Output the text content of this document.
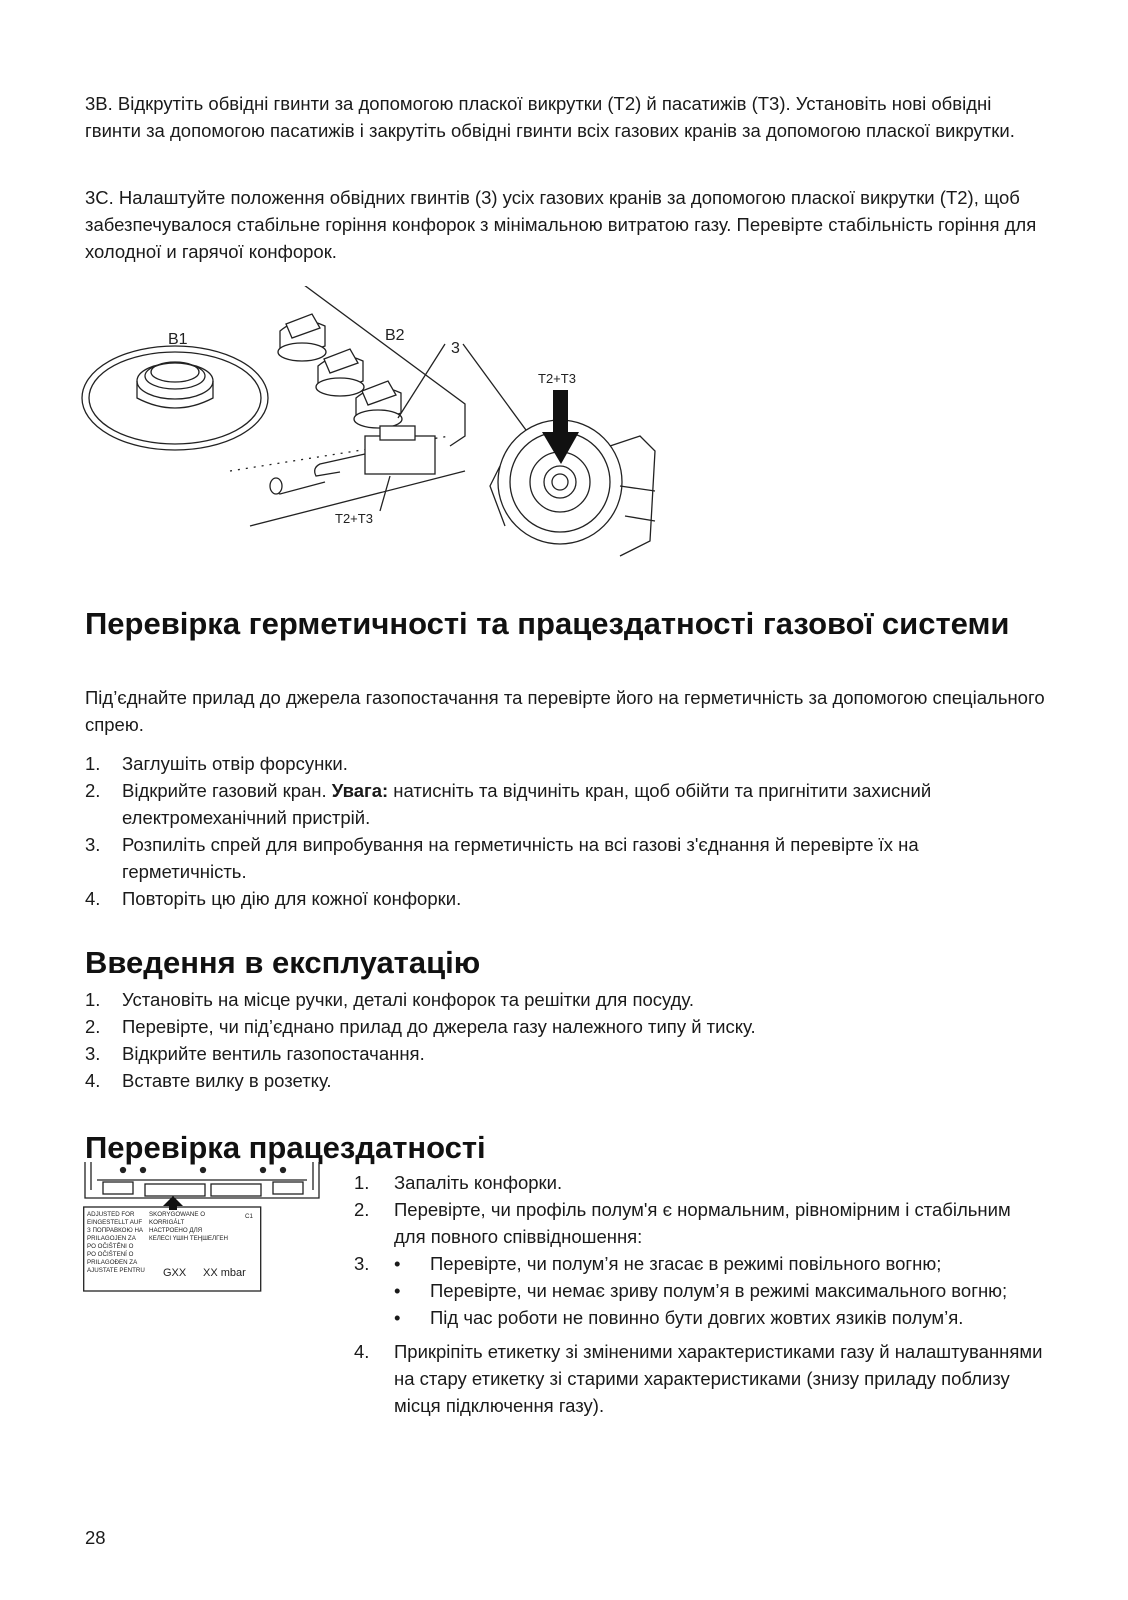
3B. Відкрутіть обвідні гвинти за допомогою пласкої викрутки (T2) й пасатижів (T3). Установіть нові обвідні гвинти за допомогою пасатижів і закрутіть обвідні гвинти всіх газових кранів за допомогою пласкої викрутки.

3C. Налаштуйте положення обвідних гвинтів (3) усіх газових кранів за допомогою пласкої викрутки (T2), щоб забезпечувалося стабільне горіння конфорок з мінімальною витратою газу. Перевірте стабільність горіння для холодної и гарячої конфорок.

B1	B2
3
T2+T3
T2+T3
Перевірка герметичності та працездатності газової системи

Під’єднайте прилад до джерела газопостачання та перевірте його на герметичність за допомогою спеціального спрею.

1. Заглушіть отвір форсунки.
2. Відкрийте газовий кран. Увага: натисніть та відчиніть кран, щоб обійти та пригнітити захисний електромеханічний пристрій.
3. Розпиліть спрей для випробування на герметичність на всі газові з'єднання й перевірте їх на герметичність.
4. Повторіть цю дію для кожної конфорки.
Введення в експлуатацію
1. Установіть на місце ручки, деталі конфорок та решітки для посуду.
2. Перевірте, чи під’єднано прилад до джерела газу належного типу й тиску.
3. Відкрийте вентиль газопостачання.
4. Вставте вилку в розетку.
Перевірка працездатності
ADJUSTED FOR
EINGESTELLT AUF
З ПОПРАВКОЮ НА
PRILAGOJEN ZA
PO OČIŠTĚNI O
PO OČIŠTENÍ O
PRILAGOĐEN ZA
AJUSTATE PENTRU
SKORYGOWANE O
KORRIGÁLT
НАСТРОЕНО ДЛЯ
КЕЛЕСІ ҮШІН ТЕҢШЕЛГЕН
C1
GXX XX mbar
1. Запаліть конфорки.
2. Перевірте, чи профіль полум'я є нормальним, рівномірним і стабільним для повного співвідношення:
3. • Перевірте, чи полум’я не згасає в режимі повільного вогню;
• Перевірте, чи немає зриву полум’я в режимі максимального вогню;
• Під час роботи не повинно бути довгих жовтих язиків полум’я.
4. Прикріпіть етикетку зі зміненими характеристиками газу й налаштуваннями на стару етикетку зі старими характеристиками (знизу приладу поблизу місця підключення газу).
28
